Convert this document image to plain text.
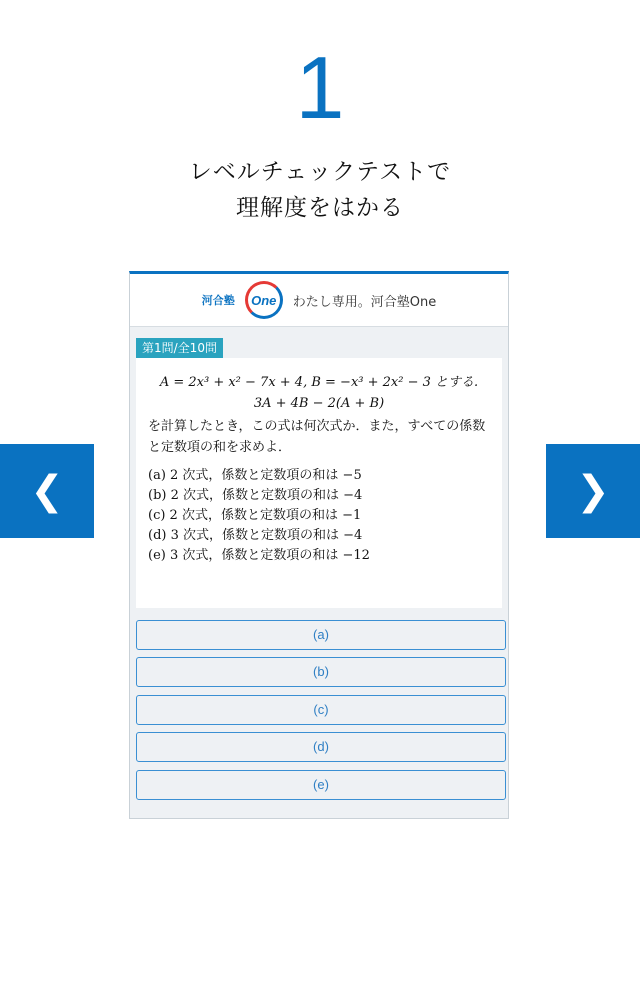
1
レベルチェックテストで
理解度をはかる
❮	❯
河合塾 One わたし専用。河合塾One
第1問/全10問
A = 2x³ + x² − 7x + 4, B = −x³ + 2x² − 3 とする.
3A + 4B − 2(A + B)
を計算したとき，この式は何次式か．また，すべての係数と定数項の和を求めよ．
(a) 2 次式，係数と定数項の和は −5
(b) 2 次式，係数と定数項の和は −4
(c) 2 次式，係数と定数項の和は −1
(d) 3 次式，係数と定数項の和は −4
(e) 3 次式，係数と定数項の和は −12
(a)
(b)
(c)
(d)
(e)
